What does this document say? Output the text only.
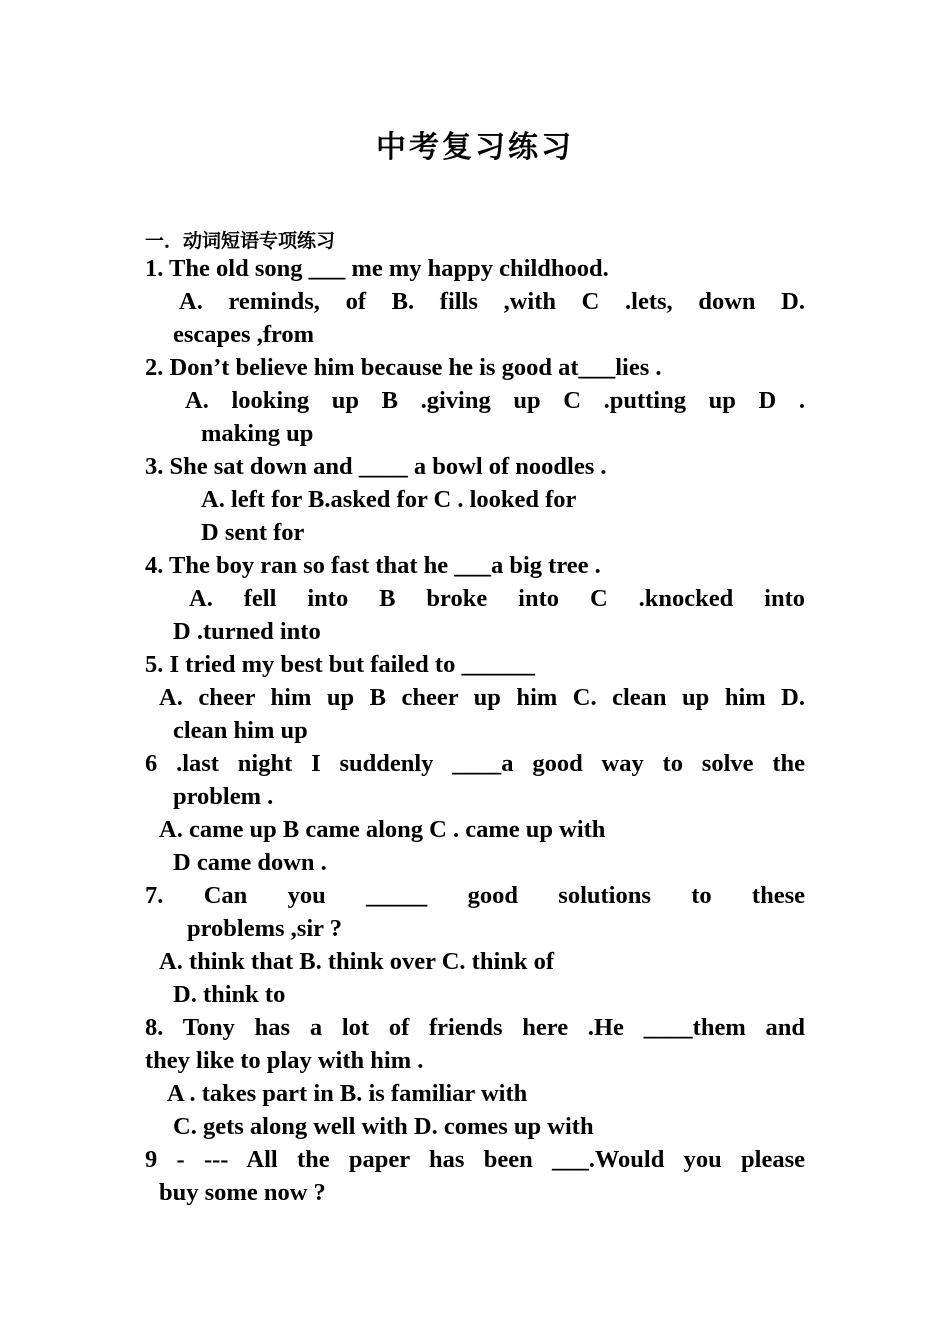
中考复习练习
一．动词短语专项练习
1. The old song ___ me my happy childhood.
A. reminds, of B. fills ,with C .lets, down D.
escapes ,from
2. Don’t believe him because he is good at___lies .
A. looking up B .giving up C .putting up D .
making up
3. She sat down and ____ a bowl of noodles .
A. left for B.asked for C . looked for
D sent for
4. The boy ran so fast that he ___a big tree .
A. fell into B broke into C .knocked into
D .turned into
5. I tried my best but failed to ______
A. cheer him up B cheer up him C. clean up him D.
clean him up
6 .last night I suddenly ____a good way to solve the
problem .
A. came up B came along C . came up with
D came down .
7. Can you _____ good solutions to these
problems ,sir ?
A. think that B. think over C. think of
D. think to
8. Tony has a lot of friends here .He ____them and
they like to play with him .
A . takes part in B. is familiar with
C. gets along well with D. comes up with
9 - --- All the paper has been ___.Would you please
buy some now ?
